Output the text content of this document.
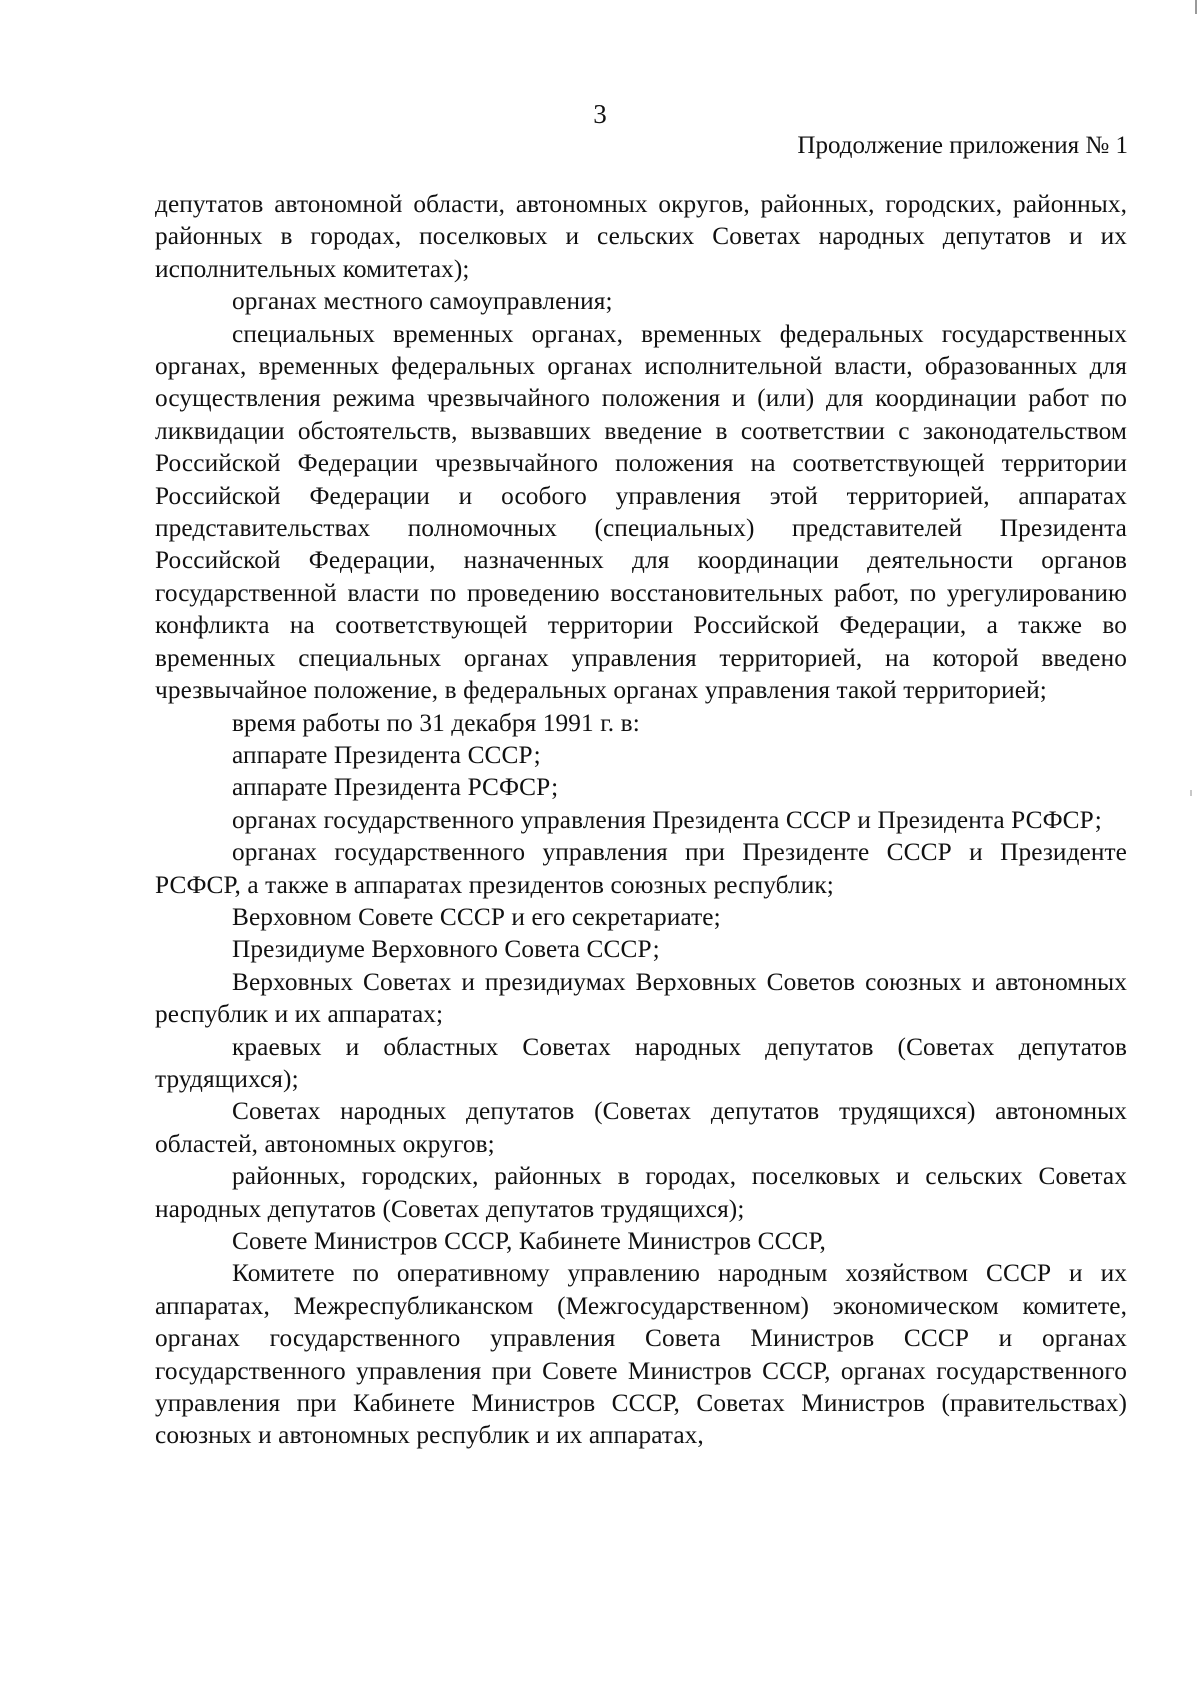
3
Продолжение приложения № 1

депутатов автономной области, автономных округов, районных, городских, районных, районных в городах, поселковых и сельских Советах народных депутатов и их исполнительных комитетах);

органах местного самоуправления;

специальных временных органах, временных федеральных государственных органах, временных федеральных органах исполнительной власти, образованных для осуществления режима чрезвычайного положения и (или) для координации работ по ликвидации обстоятельств, вызвавших введение в соответствии с законодательством Российской Федерации чрезвычайного положения на соответствующей территории Российской Федерации и особого управления этой территорией, аппаратах представительствах полномочных (специальных) представителей Президента Российской Федерации, назначенных для координации деятельности органов государственной власти по проведению восстановительных работ, по урегулированию конфликта на соответствующей территории Российской Федерации, а также во временных специальных органах управления территорией, на которой введено чрезвычайное положение, в федеральных органах управления такой территорией;

время работы по 31 декабря 1991 г. в:

аппарате Президента СССР;

аппарате Президента РСФСР;

органах государственного управления Президента СССР и Президента РСФСР;

органах государственного управления при Президенте СССР и Президенте РСФСР, а также в аппаратах президентов союзных республик;

Верховном Совете СССР и его секретариате;

Президиуме Верховного Совета СССР;

Верховных Советах и президиумах Верховных Советов союзных и автономных республик и их аппаратах;

краевых и областных Советах народных депутатов (Советах депутатов трудящихся);

Советах народных депутатов (Советах депутатов трудящихся) автономных областей, автономных округов;

районных, городских, районных в городах, поселковых и сельских Советах народных депутатов (Советах депутатов трудящихся);

Совете Министров СССР, Кабинете Министров СССР,

Комитете по оперативному управлению народным хозяйством СССР и их аппаратах, Межреспубликанском (Межгосударственном) экономическом комитете, органах государственного управления Совета Министров СССР и органах государственного управления при Совете Министров СССР, органах государственного управления при Кабинете Министров СССР, Советах Министров (правительствах) союзных и автономных республик и их аппаратах,
